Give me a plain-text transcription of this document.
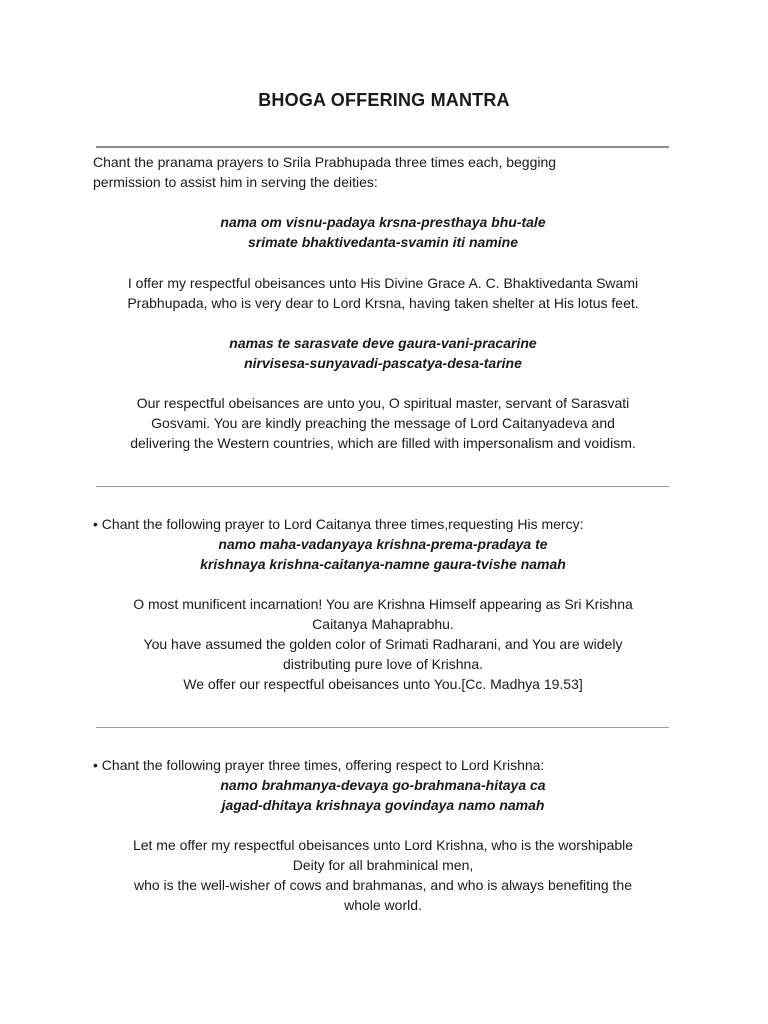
BHOGA OFFERING MANTRA
Chant the pranama prayers to Srila Prabhupada three times each, begging
permission to assist him in serving the deities:
nama om visnu-padaya krsna-presthaya bhu-tale
srimate bhaktivedanta-svamin iti namine
I offer my respectful obeisances unto His Divine Grace A. C. Bhaktivedanta Swami
Prabhupada, who is very dear to Lord Krsna, having taken shelter at His lotus feet.
namas te sarasvate deve gaura-vani-pracarine
nirvisesa-sunyavadi-pascatya-desa-tarine
Our respectful obeisances are unto you, O spiritual master, servant of Sarasvati
Gosvami. You are kindly preaching the message of Lord Caitanyadeva and
delivering the Western countries, which are filled with impersonalism and voidism.
• Chant the following prayer to Lord Caitanya three times,requesting His mercy:
namo maha-vadanyaya krishna-prema-pradaya te
krishnaya krishna-caitanya-namne gaura-tvishe namah
O most munificent incarnation! You are Krishna Himself appearing as Sri Krishna
Caitanya Mahaprabhu.
You have assumed the golden color of Srimati Radharani, and You are widely
distributing pure love of Krishna.
We offer our respectful obeisances unto You.[Cc. Madhya 19.53]
• Chant the following prayer three times, offering respect to Lord Krishna:
namo brahmanya-devaya go-brahmana-hitaya ca
jagad-dhitaya krishnaya govindaya namo namah
Let me offer my respectful obeisances unto Lord Krishna, who is the worshipable
Deity for all brahminical men,
who is the well-wisher of cows and brahmanas, and who is always benefiting the
whole world.
